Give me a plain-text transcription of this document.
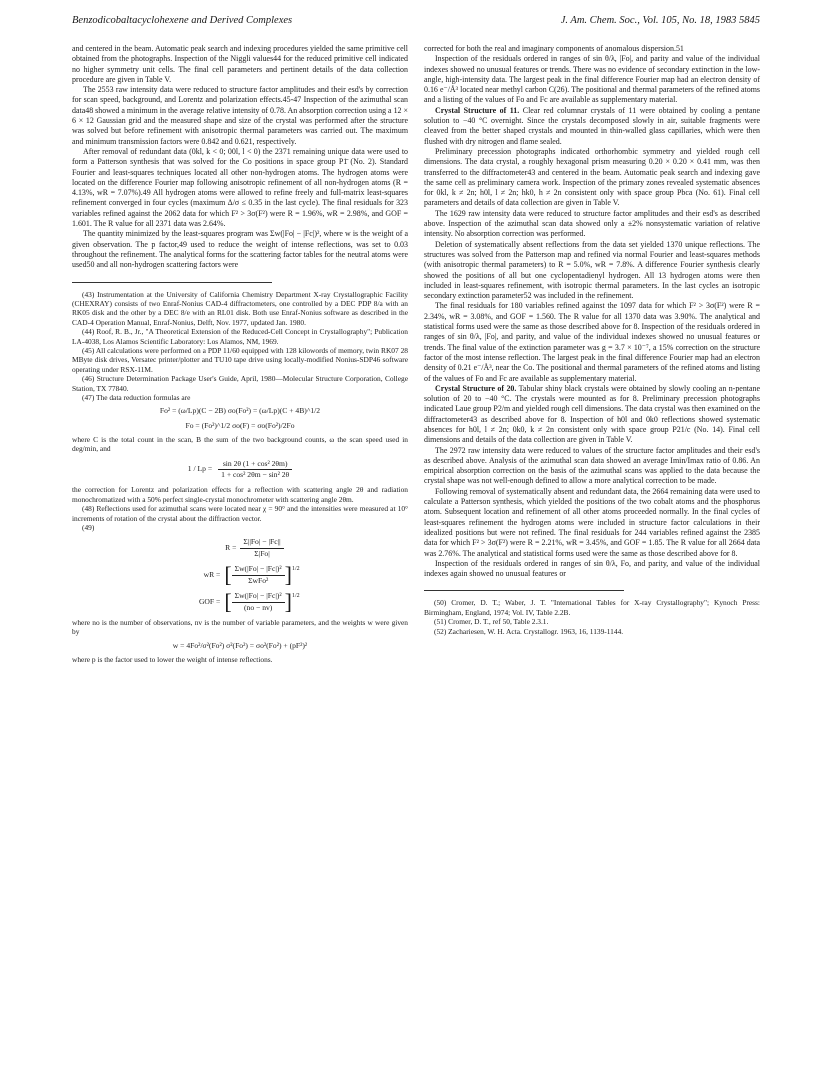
Benzodicobaltacyclohexene and Derived Complexes	J. Am. Chem. Soc., Vol. 105, No. 18, 1983 5845

and centered in the beam. Automatic peak search and indexing procedures yielded the same primitive cell obtained from the photographs. Inspection of the Niggli values44 for the reduced primitive cell indicated no higher symmetry unit cells. The final cell parameters and pertinent details of the data collection procedure are given in Table V.

The 2553 raw intensity data were reduced to structure factor amplitudes and their esd's by correction for scan speed, background, and Lorentz and polarization effects.45-47 Inspection of the azimuthal scan data48 showed a minimum in the average relative intensity of 0.78. An absorption correction using a 12 × 6 × 12 Gaussian grid and the measured shape and size of the crystal was performed after the structure was solved but before refinement with anisotropic thermal parameters was carried out. The maximum and minimum transmission factors were 0.842 and 0.621, respectively.

After removal of redundant data (0kl, k < 0; 00l, l < 0) the 2371 remaining unique data were used to form a Patterson synthesis that was solved for the Co positions in space group P1̄ (No. 2). Standard Fourier and least-squares techniques located all other non-hydrogen atoms. The hydrogen atoms were located on the difference Fourier map following anisotropic refinement of all non-hydrogen atoms (R = 4.13%, wR = 7.07%).49 All hydrogen atoms were allowed to refine freely and full-matrix least-squares refinement converged in four cycles (maximum Δ/σ ≤ 0.35 in the last cycle). The final residuals for 323 variables refined against the 2062 data for which F² > 3σ(F²) were R = 1.96%, wR = 2.98%, and GOF = 1.601. The R value for all 2371 data was 2.64%.

The quantity minimized by the least-squares program was Σw(|Fo| − |Fc|)², where w is the weight of a given observation. The p factor,49 used to reduce the weight of intense reflections, was set to 0.03 throughout the refinement. The analytical forms for the scattering factor tables for the neutral atoms were used50 and all non-hydrogen scattering factors were

(43) Instrumentation at the University of California Chemistry Department X-ray Crystallographic Facility (CHEXRAY) consists of two Enraf-Nonius CAD-4 diffractometers, one controlled by a DEC PDP 8/a with an RK05 disk and the other by a DEC 8/e with an RL01 disk. Both use Enraf-Nonius software as described in the CAD-4 Operation Manual, Enraf-Nonius, Delft, Nov. 1977, updated Jan. 1980.

(44) Roof, R. B., Jr., "A Theoretical Extension of the Reduced-Cell Concept in Crystallography"; Publication LA-4038, Los Alamos Scientific Laboratory: Los Alamos, NM, 1969.

(45) All calculations were performed on a PDP 11/60 equipped with 128 kilowords of memory, twin RK07 28 MByte disk drives, Versatec printer/plotter and TU10 tape drive using locally-modified Nonius-SDP46 software operating under RSX-11M.

(46) Structure Determination Package User's Guide, April, 1980—Molecular Structure Corporation, College Station, TX 77840.

(47) The data reduction formulas are

Fo² = (ω/Lp)(C − 2B) σo(Fo²) = (ω/Lp)(C + 4B)^1/2
Fo = (Fo²)^1/2 σo(F) = σo(Fo²)/2Fo

where C is the total count in the scan, B the sum of the two background counts, ω the scan speed used in deg/min, and

$1 / Lp = \frac{\text{sin 2θ (1 + cos² 2θm)}}{\text{1 + cos² 2θm − sin² 2θ}}$

the correction for Lorentz and polarization effects for a reflection with scattering angle 2θ and radiation monochromatized with a 50% perfect single-crystal monochrometer with scattering angle 2θm.

(48) Reflections used for azimuthal scans were located near χ = 90° and the intensities were measured at 10° increments of rotation of the crystal about the diffraction vector.

(49)

$R = \frac{\Sigma||Fo| - |Fc||}{\Sigma|Fo|}$
wR = [ $\frac{\text{Σw(|Fo| − |Fc|)²}}{\text{ΣwFo²}} ]^{1/2}$
GOF = [ $\frac{\text{Σw(|Fo| − |Fc|)²}}{(no - nv)} ]^{1/2}$

where no is the number of observations, nv is the number of variable parameters, and the weights w were given by

w = 4Fo²/σ²(Fo²) σ²(Fo²) = σo²(Fo²) + (pF²)²

where p is the factor used to lower the weight of intense reflections.

corrected for both the real and imaginary components of anomalous dispersion.51

Inspection of the residuals ordered in ranges of sin θ/λ, |Fo|, and parity and value of the individual indexes showed no unusual features or trends. There was no evidence of secondary extinction in the low-angle, high-intensity data. The largest peak in the final difference Fourier map had an electron density of 0.16 e⁻/Å³ located near methyl carbon C(26). The positional and thermal parameters of the refined atoms and a listing of the values of Fo and Fc are available as supplementary material.

Crystal Structure of 11. Clear red columnar crystals of 11 were obtained by cooling a pentane solution to −40 °C overnight. Since the crystals decomposed slowly in air, suitable fragments were cleaved from the better shaped crystals and mounted in thin-walled glass capillaries, which were then flushed with dry nitrogen and flame sealed.

Preliminary precession photographs indicated orthorhombic symmetry and yielded rough cell dimensions. The data crystal, a roughly hexagonal prism measuring 0.20 × 0.20 × 0.41 mm, was then transferred to the diffractometer43 and centered in the beam. Automatic peak search and indexing gave the same cell as preliminary camera work. Inspection of the primary zones revealed systematic absences for 0kl, k ≠ 2n; h0l, l ≠ 2n; hk0, h ≠ 2n consistent only with space group Pbca (No. 61). Final cell parameters and details of data collection are given in Table V.

The 1629 raw intensity data were reduced to structure factor amplitudes and their esd's as described above. Inspection of the azimuthal scan data showed only a ±2% nonsystematic variation of relative intensity. No absorption correction was performed.

Deletion of systematically absent reflections from the data set yielded 1370 unique reflections. The structures was solved from the Patterson map and refined via normal Fourier and least-squares methods (with anisotropic thermal parameters) to R = 5.0%, wR = 7.8%. A difference Fourier synthesis clearly showed the positions of all but one cyclopentadienyl hydrogen. All 13 hydrogen atoms were then included in least-squares refinement, with isotropic thermal parameters. In the last cycles an isotropic secondary extinction parameter52 was included in the refinement.

The final residuals for 180 variables refined against the 1097 data for which F² > 3σ(F²) were R = 2.34%, wR = 3.08%, and GOF = 1.560. The R value for all 1370 data was 3.90%. The analytical and statistical forms used were the same as those described above for 8. Inspection of the residuals ordered in ranges of sin θ/λ, |Fo|, and parity, and value of the individual indexes showed no unusual features or trends. The final value of the extinction parameter was g = 3.7 × 10⁻⁷, a 15% correction on the structure factor of the most intense reflection. The largest peak in the final difference Fourier map had an electron density of 0.21 e⁻/Å³, near the Co. The positional and thermal parameters of the refined atoms and listing of the values of Fo and Fc are available as supplementary material.

Crystal Structure of 20. Tabular shiny black crystals were obtained by slowly cooling an n-pentane solution of 20 to −40 °C. The crystals were mounted as for 8. Preliminary precession photographs indicated Laue group P2/m and yielded rough cell dimensions. The data crystal was then examined on the diffractometer43 as described above for 8. Inspection of h0l and 0k0 reflections showed systematic absences for h0l, l ≠ 2n; 0k0, k ≠ 2n consistent only with space group P21/c (No. 14). Final cell dimensions and details of the data collection are given in Table V.

The 2972 raw intensity data were reduced to values of the structure factor amplitudes and their esd's as described above. Analysis of the azimuthal scan data showed an average Imin/Imax ratio of 0.86. An empirical absorption correction on the basis of the azimuthal scans was applied to the data because the crystal shape was not well-enough defined to allow a more analytical correction to be made.

Following removal of systematically absent and redundant data, the 2664 remaining data were used to calculate a Patterson synthesis, which yielded the positions of the two cobalt atoms and the phosphorus atom. Subsequent location and refinement of all other atoms proceeded normally. In the final cycles of least-squares refinement the hydrogen atoms were included in structure factor calculations in their idealized positions but were not refined. The final residuals for 244 variables refined against the 2385 data for which F² > 3σ(F²) were R = 2.21%, wR = 3.45%, and GOF = 1.85. The R value for all 2664 data was 2.76%. The analytical and statistical forms used were the same as those described above for 8.

Inspection of the residuals ordered in ranges of sin θ/λ, Fo, and parity, and value of the individual indexes again showed no unusual features or

(50) Cromer, D. T.; Waber, J. T. "International Tables for X-ray Crystallography"; Kynoch Press: Birmingham, England, 1974; Vol. IV, Table 2.2B.

(51) Cromer, D. T., ref 50, Table 2.3.1.

(52) Zachariesen, W. H. Acta. Crystallogr. 1963, 16, 1139-1144.
